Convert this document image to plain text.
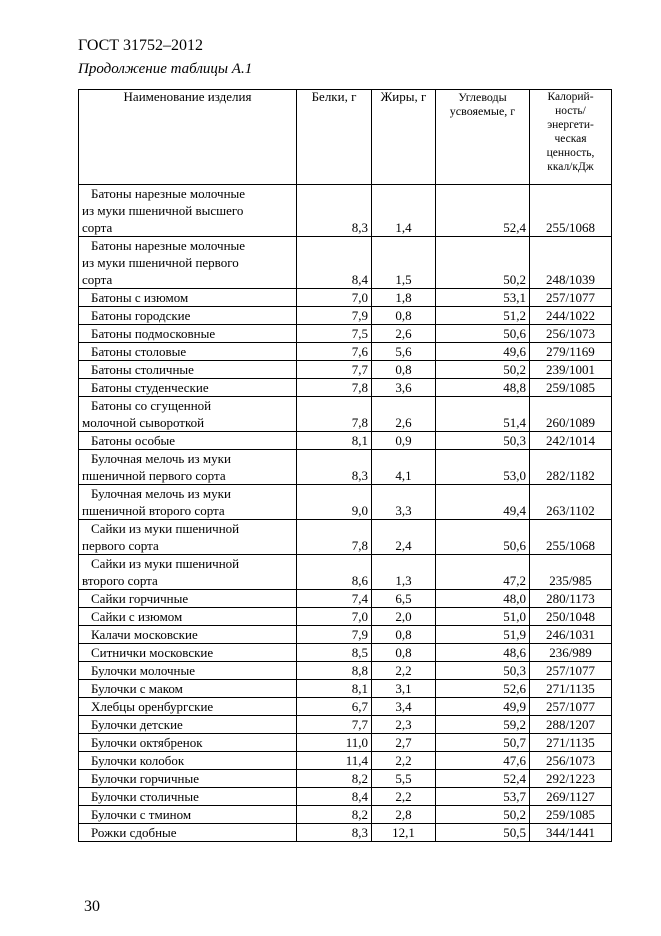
ГОСТ 31752–2012
Продолжение таблицы А.1
Наименование изделия	Белки, г	Жиры, г	Углеводы усвояемые, г	Калорий-ность/ энергети-ческая ценность, ккал/кДж

Батоны нарезные молочные
из муки пшеничной высшего
сорта	8,3	1,4	52,4	255/1068

Батоны нарезные молочные
из муки пшеничной первого
сорта	8,4	1,5	50,2	248/1039

Батоны с изюмом	7,0	1,8	53,1	257/1077

Батоны городские	7,9	0,8	51,2	244/1022

Батоны подмосковные	7,5	2,6	50,6	256/1073

Батоны столовые	7,6	5,6	49,6	279/1169

Батоны столичные	7,7	0,8	50,2	239/1001

Батоны студенческие	7,8	3,6	48,8	259/1085

Батоны со сгущенной
молочной сывороткой	7,8	2,6	51,4	260/1089

Батоны особые	8,1	0,9	50,3	242/1014

Булочная мелочь из муки
пшеничной первого сорта	8,3	4,1	53,0	282/1182

Булочная мелочь из муки
пшеничной второго сорта	9,0	3,3	49,4	263/1102

Сайки из муки пшеничной
первого сорта	7,8	2,4	50,6	255/1068

Сайки из муки пшеничной
второго сорта	8,6	1,3	47,2	235/985

Сайки горчичные	7,4	6,5	48,0	280/1173

Сайки с изюмом	7,0	2,0	51,0	250/1048

Калачи московские	7,9	0,8	51,9	246/1031

Ситнички московские	8,5	0,8	48,6	236/989

Булочки молочные	8,8	2,2	50,3	257/1077

Булочки с маком	8,1	3,1	52,6	271/1135

Хлебцы оренбургские	6,7	3,4	49,9	257/1077

Булочки детские	7,7	2,3	59,2	288/1207

Булочки октябренок	11,0	2,7	50,7	271/1135

Булочки колобок	11,4	2,2	47,6	256/1073

Булочки горчичные	8,2	5,5	52,4	292/1223

Булочки столичные	8,4	2,2	53,7	269/1127

Булочки с тмином	8,2	2,8	50,2	259/1085

Рожки сдобные	8,3	12,1	50,5	344/1441
30
